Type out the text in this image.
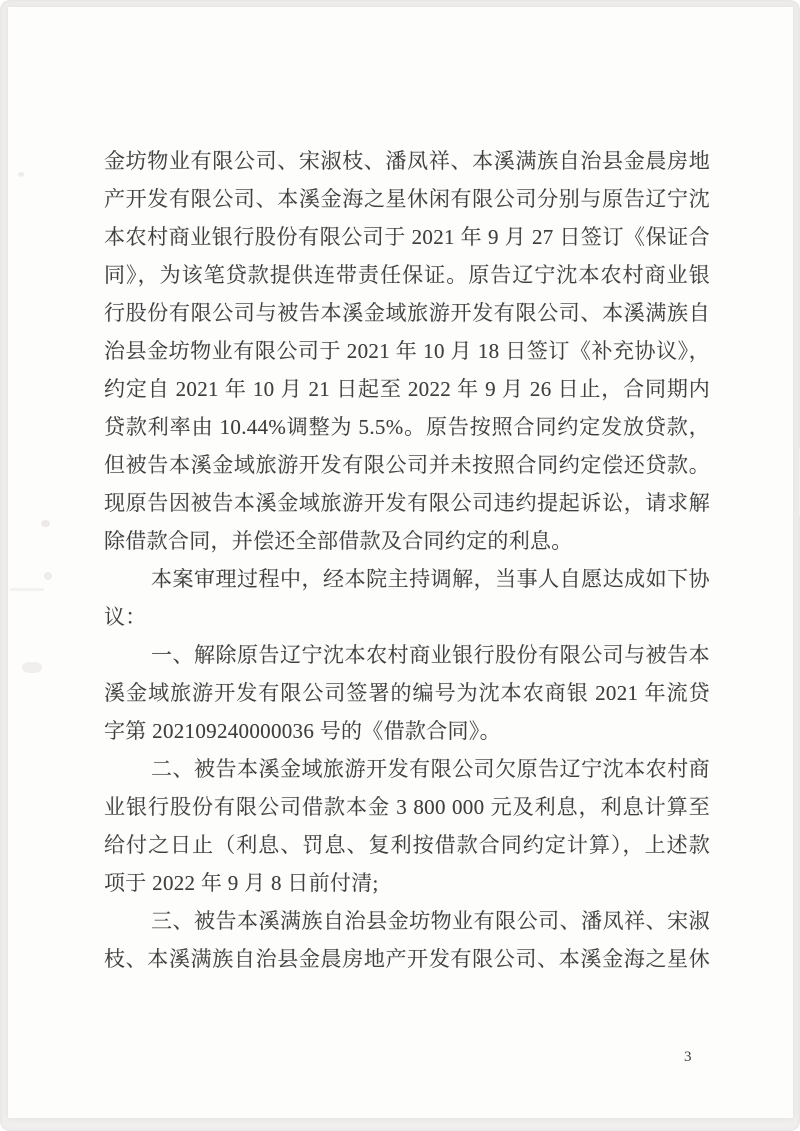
金坊物业有限公司、宋淑枝、潘凤祥、本溪满族自治县金晨房地
产开发有限公司、本溪金海之星休闲有限公司分别与原告辽宁沈
本农村商业银行股份有限公司于 2021 年 9 月 27 日签订《保证合
同》，为该笔贷款提供连带责任保证。原告辽宁沈本农村商业银
行股份有限公司与被告本溪金域旅游开发有限公司、本溪满族自
治县金坊物业有限公司于 2021 年 10 月 18 日签订《补充协议》，
约定自 2021 年 10 月 21 日起至 2022 年 9 月 26 日止，合同期内
贷款利率由 10.44%调整为 5.5%。原告按照合同约定发放贷款，
但被告本溪金域旅游开发有限公司并未按照合同约定偿还贷款。
现原告因被告本溪金域旅游开发有限公司违约提起诉讼，请求解
除借款合同，并偿还全部借款及合同约定的利息。
本案审理过程中，经本院主持调解，当事人自愿达成如下协
议：
一、解除原告辽宁沈本农村商业银行股份有限公司与被告本
溪金域旅游开发有限公司签署的编号为沈本农商银 2021 年流贷
字第 202109240000036 号的《借款合同》。
二、被告本溪金域旅游开发有限公司欠原告辽宁沈本农村商
业银行股份有限公司借款本金 3 800 000 元及利息，利息计算至
给付之日止（利息、罚息、复利按借款合同约定计算），上述款
项于 2022 年 9 月 8 日前付清;
三、被告本溪满族自治县金坊物业有限公司、潘凤祥、宋淑
枝、本溪满族自治县金晨房地产开发有限公司、本溪金海之星休
3
